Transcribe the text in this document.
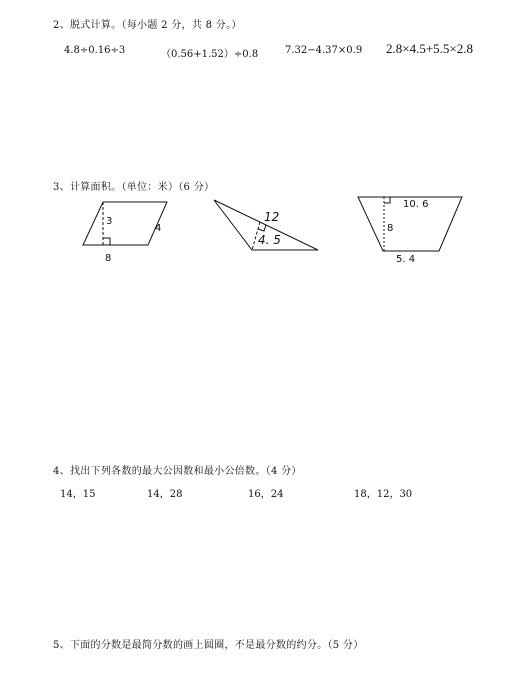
2、脱式计算。（每小题 2 分，共 8 分。）
4.8÷0.16÷3	（0.56+1.52）÷0.8	7.32−4.37×0.9 2.8×4.5+5.5×2.8
3、计算面积。（单位：米）（6 分）
3
4
8
12
4. 5
10. 6
8
5. 4
4、找出下列各数的最大公因数和最小公倍数。（4 分）
14，15	14，28	16，24	18，12，30
5、下面的分数是最简分数的画上圆圈，不是最分数的约分。（5 分）
